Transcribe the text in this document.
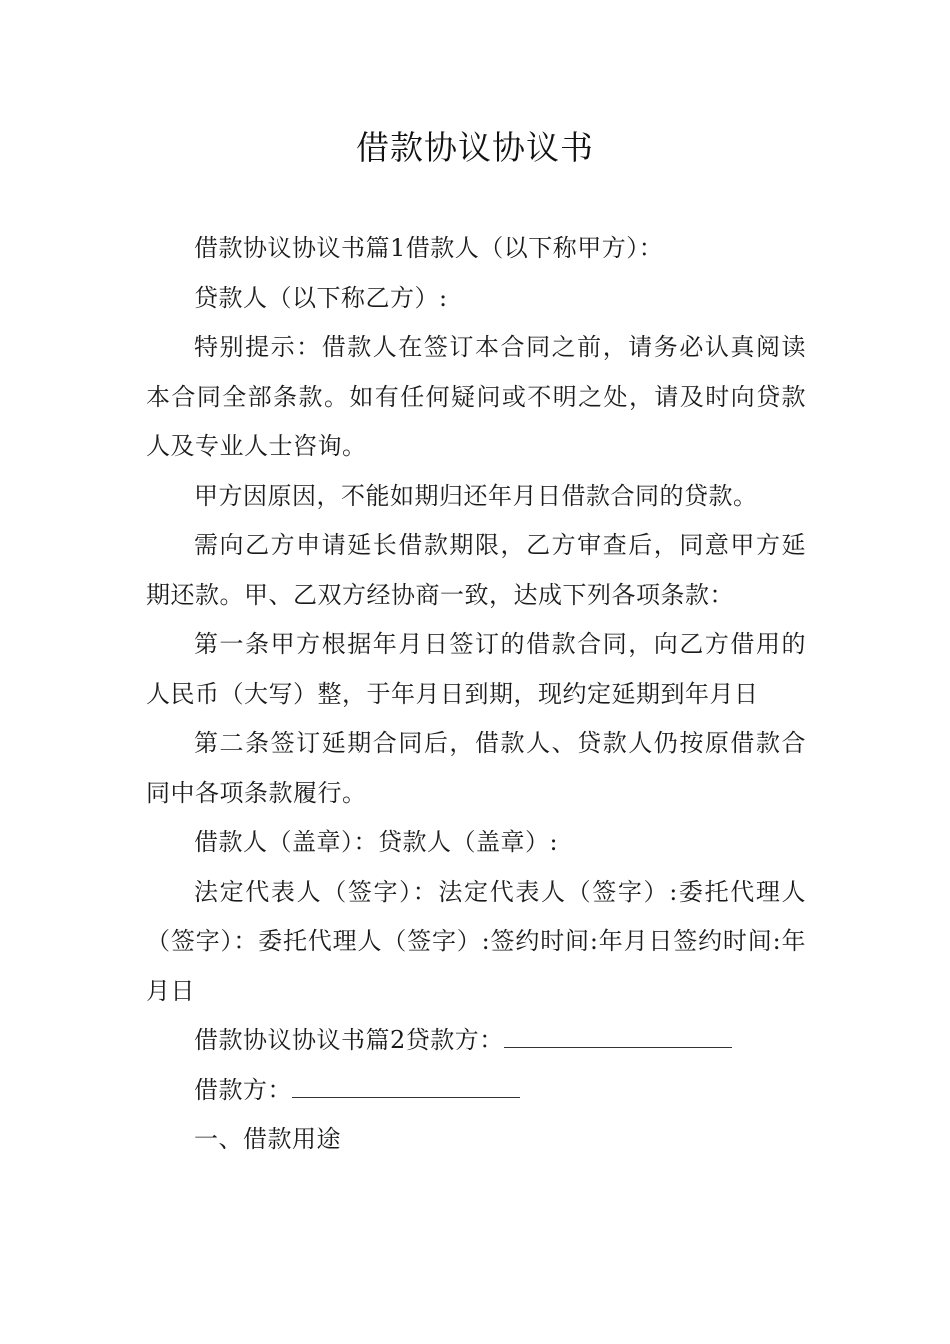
借款协议协议书

借款协议协议书篇1借款人（以下称甲方）：

贷款人（以下称乙方）:

特别提示：借款人在签订本合同之前，请务必认真阅读本合同全部条款。如有任何疑问或不明之处，请及时向贷款人及专业人士咨询。

甲方因原因，不能如期归还年月日借款合同的贷款。

需向乙方申请延长借款期限，乙方审查后，同意甲方延期还款。甲、乙双方经协商一致，达成下列各项条款：

第一条甲方根据年月日签订的借款合同，向乙方借用的人民币（大写）整，于年月日到期，现约定延期到年月日

第二条签订延期合同后，借款人、贷款人仍按原借款合同中各项条款履行。

借款人（盖章）：贷款人（盖章）:

法定代表人（签字）：法定代表人（签字）:委托代理人（签字）：委托代理人（签字）:签约时间:年月日签约时间:年月日

借款协议协议书篇2贷款方：

借款方：

一、借款用途
